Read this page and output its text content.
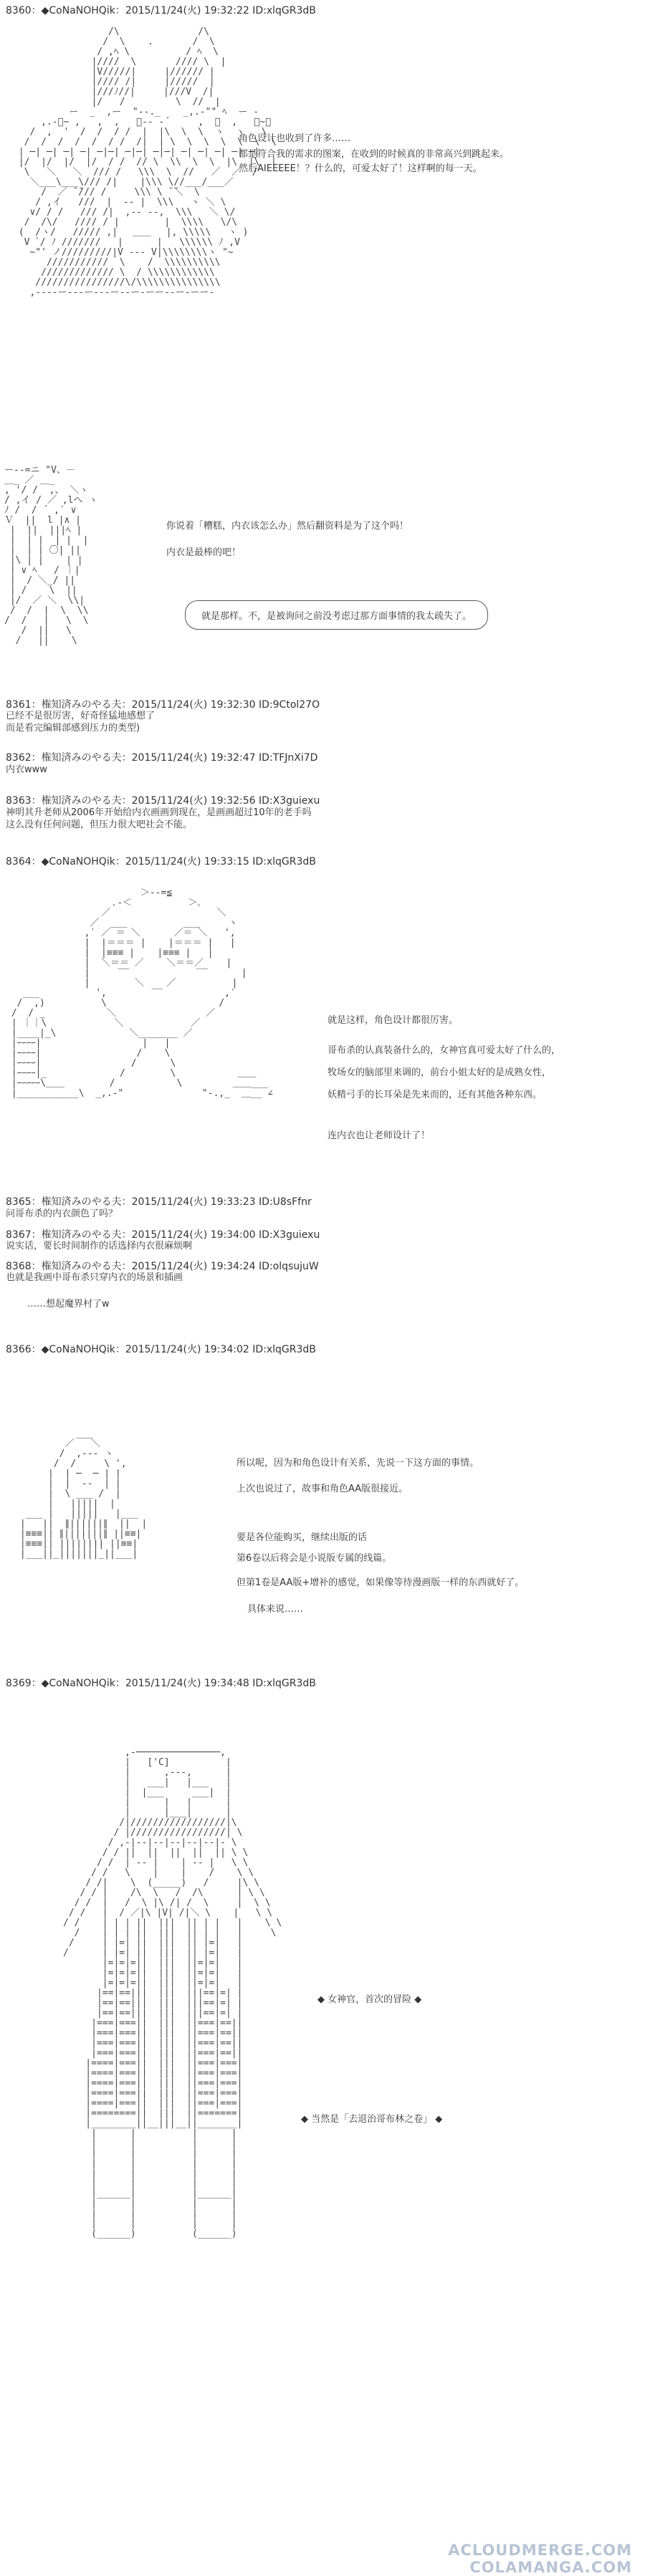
8360：◆CoNaNOHQik：2015/11/24(火) 19:32:22 ID:xlqGR3dB
/\              /\
/  \    .       /  \
/ ,ﾍ \          / ﾍ  \
|////  \       //// \  |
|V/////|     |////// |
|//// /|     |/////  |
|///ﾉ//|     |///V  /|
|/   /         \  //  |
ー  _  ,ー  "‐-._    _,.-"" ﾍ  ー -
,.-ﾞ~ ,   ,  ,   ﾞ‐- ‐´     ,  ､  ,   ﾞ~､
/  ,  '  /  /  / /  |  |\  \  \  ヽ  ヽ   \
/  /  /  /  /  / /  /|  | \  \  \  \  \  \  \
| ─| ─| ─| ─| ─|─| ─|─| ─|─| ─| ─| ─| ─| ─|
|/  |/  |/  |/  / /  // \  \\  \  \  |\  |\  |
\   ＼   ＼  /// /   \\\  \  //   ／  ／  /
＼___\___\/// /|    |\\\ \//___/___／
/  ／ ̄ ̄/// /     \\\ \ ̄ ̄＼  \
/ ,イ   ///  |  ‐- |  \\\   ヽ ＼ \
∨/ / /   /// /|  ,-‐ ‐-,  \\\   ＼ \/
/  /\/   //// / |        |  \\\\   \/\
(  /ヽ/   ///// ,|　 ＿＿ 　|, \\\\\   ヽ )
V ﾞ/ ﾉ ///////   |      |   \\\\\\ ﾉ ,V
~"' ノ/////////|V ‐-‐ V|\\\\\\\\ヽ "~
///////////  \    /  \\\\\\\\\\
///////////// \  / \\\\\\\\\\\\
////////////////\/\\\\\\\\\\\\\\\
,-‐--ー--‐ー‐--ー‐-ー‐ーー--ー-ーー‐

角色设计也收到了许多……
都是符合我的需求的图案，在收到的时候真的非常高兴到跳起来。
然后AIEEEEE！？什么的，可爱太好了！这样啊的每一天。
ー-‐=ニ "V、－
＿_ ／ ＿_
, '/ /  ,、 ＼ヽ
/ ,イ / ／ ,lへ ヽ
ﾉ /  / ´ ,′ ∨
Ｖ  ||  l |∧ |
|  ||  |||ﾍ |
|  | |  | |  |
|  | | 〇| ||
|\ | |    | |
| ∨ ﾍ   / ｜|
|  / ＼_/ ||
| /    \  ||
|/  ／ ＼  \\|
/  /  |  \  \\
/  /   |   \  \
/  ||   \
/   ||    \

你说着「糟糕，内衣该怎么办」然后翻资料是为了这个吗！
内衣是最棒的吧！
就是那样。不，是被询问之前没考虑过那方面事情的我太疏失了。
8361：権知済みのやる夫：2015/11/24(火) 19:32:30 ID:9Ctol27O
已经不是很厉害，好奇怪猛地感想了
而是看完编辑部感到压力的类型)
8362：権知済みのやる夫：2015/11/24(火) 19:32:47 ID:TFJnXi7D
内衣www
8363：権知済みのやる夫：2015/11/24(火) 19:32:56 ID:X3guiexu
神明其升老师从2006年开始给内衣画画到现在，是画画超过10年的老手吗
这么没有任何问题，但压力很大吧社会不能。
8364：◆CoNaNOHQik：2015/11/24(火) 19:33:15 ID:xlqGR3dB
＞-‐=≦
､-＜          ＞､
／                   ＼
／  ___          ___     ヽ
,′ ／ ＝ ＼      ／＝ ＼   ',
|  |＝＝＝ |    |＝＝＝ |   |
|  |≡≡≡ |    |≡≡≡ |   |
|  ＼＝＝ ／    ＼＝＝／    |
|     ‾‾            ‾‾      |
|        ＼    ／          |
___          ',        ‾‾           ,′
/  ,)          \                    /
/  / _           ＼                ／
| ｜｜\            ＼            ／
|____|_\             ＼_______ ／
|ｰｰｰｰ|                  |   |
|ｰｰｰｰ|                 /    \
|ｰｰｰｰ|                /      \
|ｰｰｰｰ|_             /        \           ＿＿
|ｰｰｰｰｰ\＿＿        /           \         ＿＿___
|___________\  _,.-"              "-.,_  ＿__ ∠

就是这样，角色设计都很厉害。
哥布杀的认真装备什么的，女神官真可爱太好了什么的，
牧场女的脑部里来调的，前台小姐太好的是成熟女性，
妖精弓手的长耳朵是先来而的，还有其他各种东西。
连内衣也让老师设计了！
8365：権知済みのやる夫：2015/11/24(火) 19:33:23 ID:U8sFfnr
问哥布杀的内衣颜色了吗？
8367：権知済みのやる夫：2015/11/24(火) 19:34:00 ID:X3guiexu
说实话，要长时间制作的话选择内衣很麻烦啊
8368：権知済みのやる夫：2015/11/24(火) 19:34:24 ID:olqsujuW
也就是我画中哥布杀只穿内衣的场景和插画
……想起魔界村了w
8366：◆CoNaNOHQik：2015/11/24(火) 19:34:02 ID:xlqGR3dB
___
／   ＼
/  ,-‐‐ ヽ
/  /     \ ',
|  | ─  ─ | |
|  |  ‐‐  | |
|  \ ___ /  |
|   |||||  |
___ |   |||||   |___
|   ||  ∥||||||∥  ||  |
|≡≡≡|| ∥|||||||∥ ||≡≡|
|≡≡≡|| |||||||| ||≡≡|
|___||_|||||||_||___|

所以呢，因为和角色设计有关系，先说一下这方面的事情。
上次也说过了，故事和角色AA版很接近。
要是各位能购买，继续出版的话
第6卷以后将会是小说版专属的线篇。
但第1卷是AA版+增补的感觉，如果像等待漫画版一样的东西就好了。
具体来说……
8369：◆CoNaNOHQik：2015/11/24(火) 19:34:48 ID:xlqGR3dB
,-───────────────,
|   ['C]          |
|      ,-‐-,      |
|   ___|   |___   |
|  |___     ___|  |
|      |   |      |
|      |___|      |
/|/////////////////|\
/ |/////////////////| \
/ ,‐|‐‐|‐‐|‐‐|‐‐|‐‐|‐ \
/ / ||  ||  ||  ||  || \ \
/ /  | ‐‐ |    | ‐‐ |   \ \
/ /   \    |    |    /    \ \
/ /|    \  (_____)   /     |\ \
/ / |    /\  \   /  /\      | \ \
/ /  |   /  \ |\ /| /  \     |  \ \
/ /   |  / ／|\ |V| /|＼ \    |   \ \
/ /    | | | ||  |||  || | |   |    \ \
/    | | | ||  |||  || | |   |     \
/     | |=| ||  |||  || |=|   |
/      | |=| ||  |||  || |=|   |
|=|=|=||  |||  ||=|=|   |
|=|=|=||  |||  ||=|=|   |
|=|=|=||  |||  ||=|=|   |
|==|==|||  |||  |||==|=| |
|==|==|||  |||  |||==|=| |
|==|==|||  |||  |||==|=| |
|===|===||  |||  ||===|==||
|===|===||  |||  ||===|==||
|===|===||  |||  ||===|==||
|===|===||  |||  ||===|==||
|====|===||  |||  ||===|===|
|====|===||  |||  ||===|===|
|====|===||  |||  ||===|===|
|====|===||  |||  ||===|===|
|====|===||  |||  ||===|===|
|========||  |||  ||=======|
|________||__|||__||_______|
|      |          |      |
|      |          |      |
|      |          |      |
|      |          |      |
|      |          |      |
|      |          |      |
|______|          |______|
|      |          |      |
|      |          |      |
|      |          |      |
(______)          (______)

◆ 女神官，首次的冒险 ◆
◆ 当然是「去退治哥布林之卷」 ◆
ACLOUDMERGE.COM
COLAMANGA.COM
